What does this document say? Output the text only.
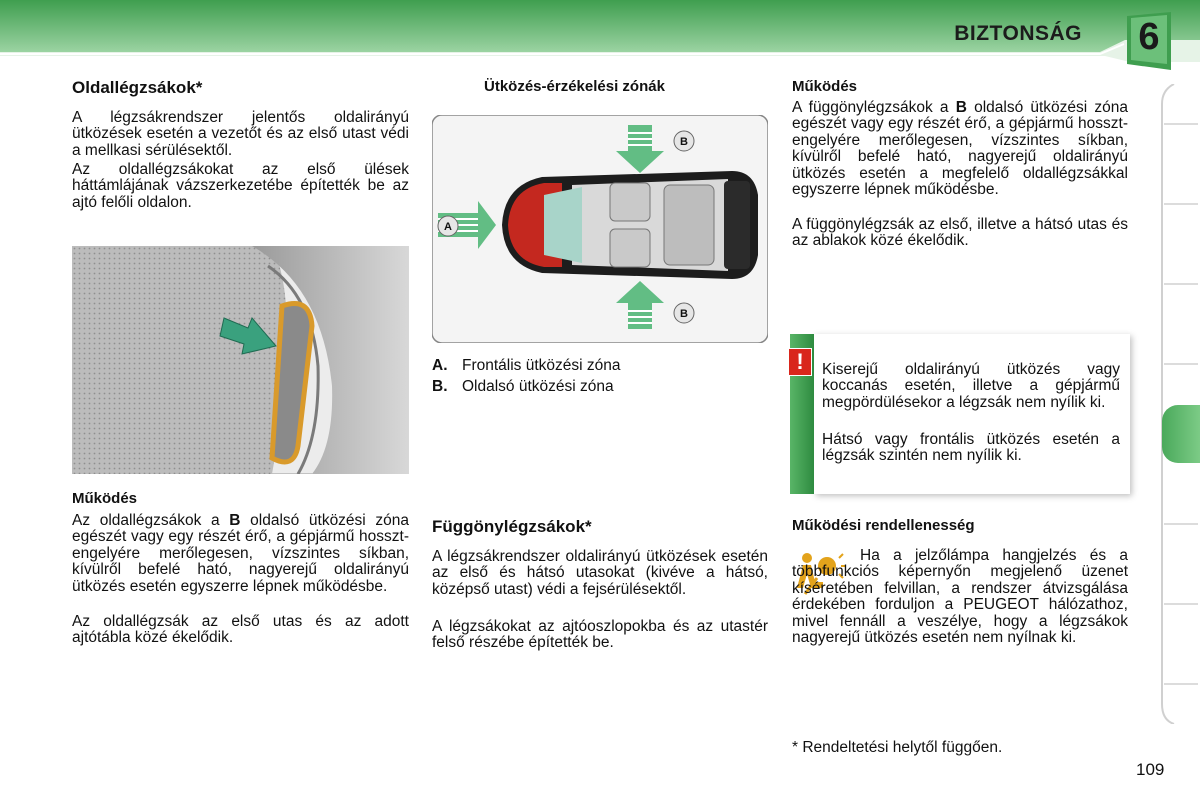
BIZTONSÁG	6
Oldallégzsákok*

A légzsákrendszer jelentős oldalirányú ütközések esetén a vezetőt és az első utast védi a mellkasi sérülésektől.

Az oldallégzsákokat az első ülések háttámlájának vázszerkezetébe építették be az ajtó felőli oldalon.

Működés

Az oldallégzsákok a B oldalsó ütközési zóna egészét vagy egy részét érő, a gépjármű hossztengelyére merőlegesen, vízszintes síkban, kívülről befelé ható, nagyerejű oldalirányú ütközés esetén egyszerre lépnek működésbe.

Az oldallégzsák az első utas és az adott ajtótábla közé ékelődik.

Ütközés-érzékelési zónák
A
B
B
A. Frontális ütközési zóna
B. Oldalsó ütközési zóna
Függönylégzsákok*

A légzsákrendszer oldalirányú ütközések esetén az első és hátsó utasokat (kivéve a hátsó, középső utast) védi a fejsérülésektől.

A légzsákokat az ajtóoszlopokba és az utastér felső részébe építették be.

Működés

A függönylégzsákok a B oldalsó ütközési zóna egészét vagy egy részét érő, a gépjármű hossztengelyére merőlegesen, vízszintes síkban, kívülről befelé ható, nagyerejű oldalirányú ütközés esetén a megfelelő oldallégzsákkal egyszerre lépnek működésbe.

A függönylégzsák az első, illetve a hátsó utas és az ablakok közé ékelődik.

!	Kiserejű oldalirányú ütközés vagy koccanás esetén, illetve a gépjármű megpördülésekor a légzsák nem nyílik ki.

Hátsó vagy frontális ütközés esetén a légzsák szintén nem nyílik ki.

Működési rendellenesség

Ha a jelzőlámpa hangjelzés és a többfunkciós képernyőn megjelenő üzenet kíséretében felvillan, a rendszer átvizsgálása érdekében forduljon a PEUGEOT hálózathoz, mivel fennáll a veszélye, hogy a légzsákok nagyerejű ütközés esetén nem nyílnak ki.

* Rendeltetési helytől függően.
109
